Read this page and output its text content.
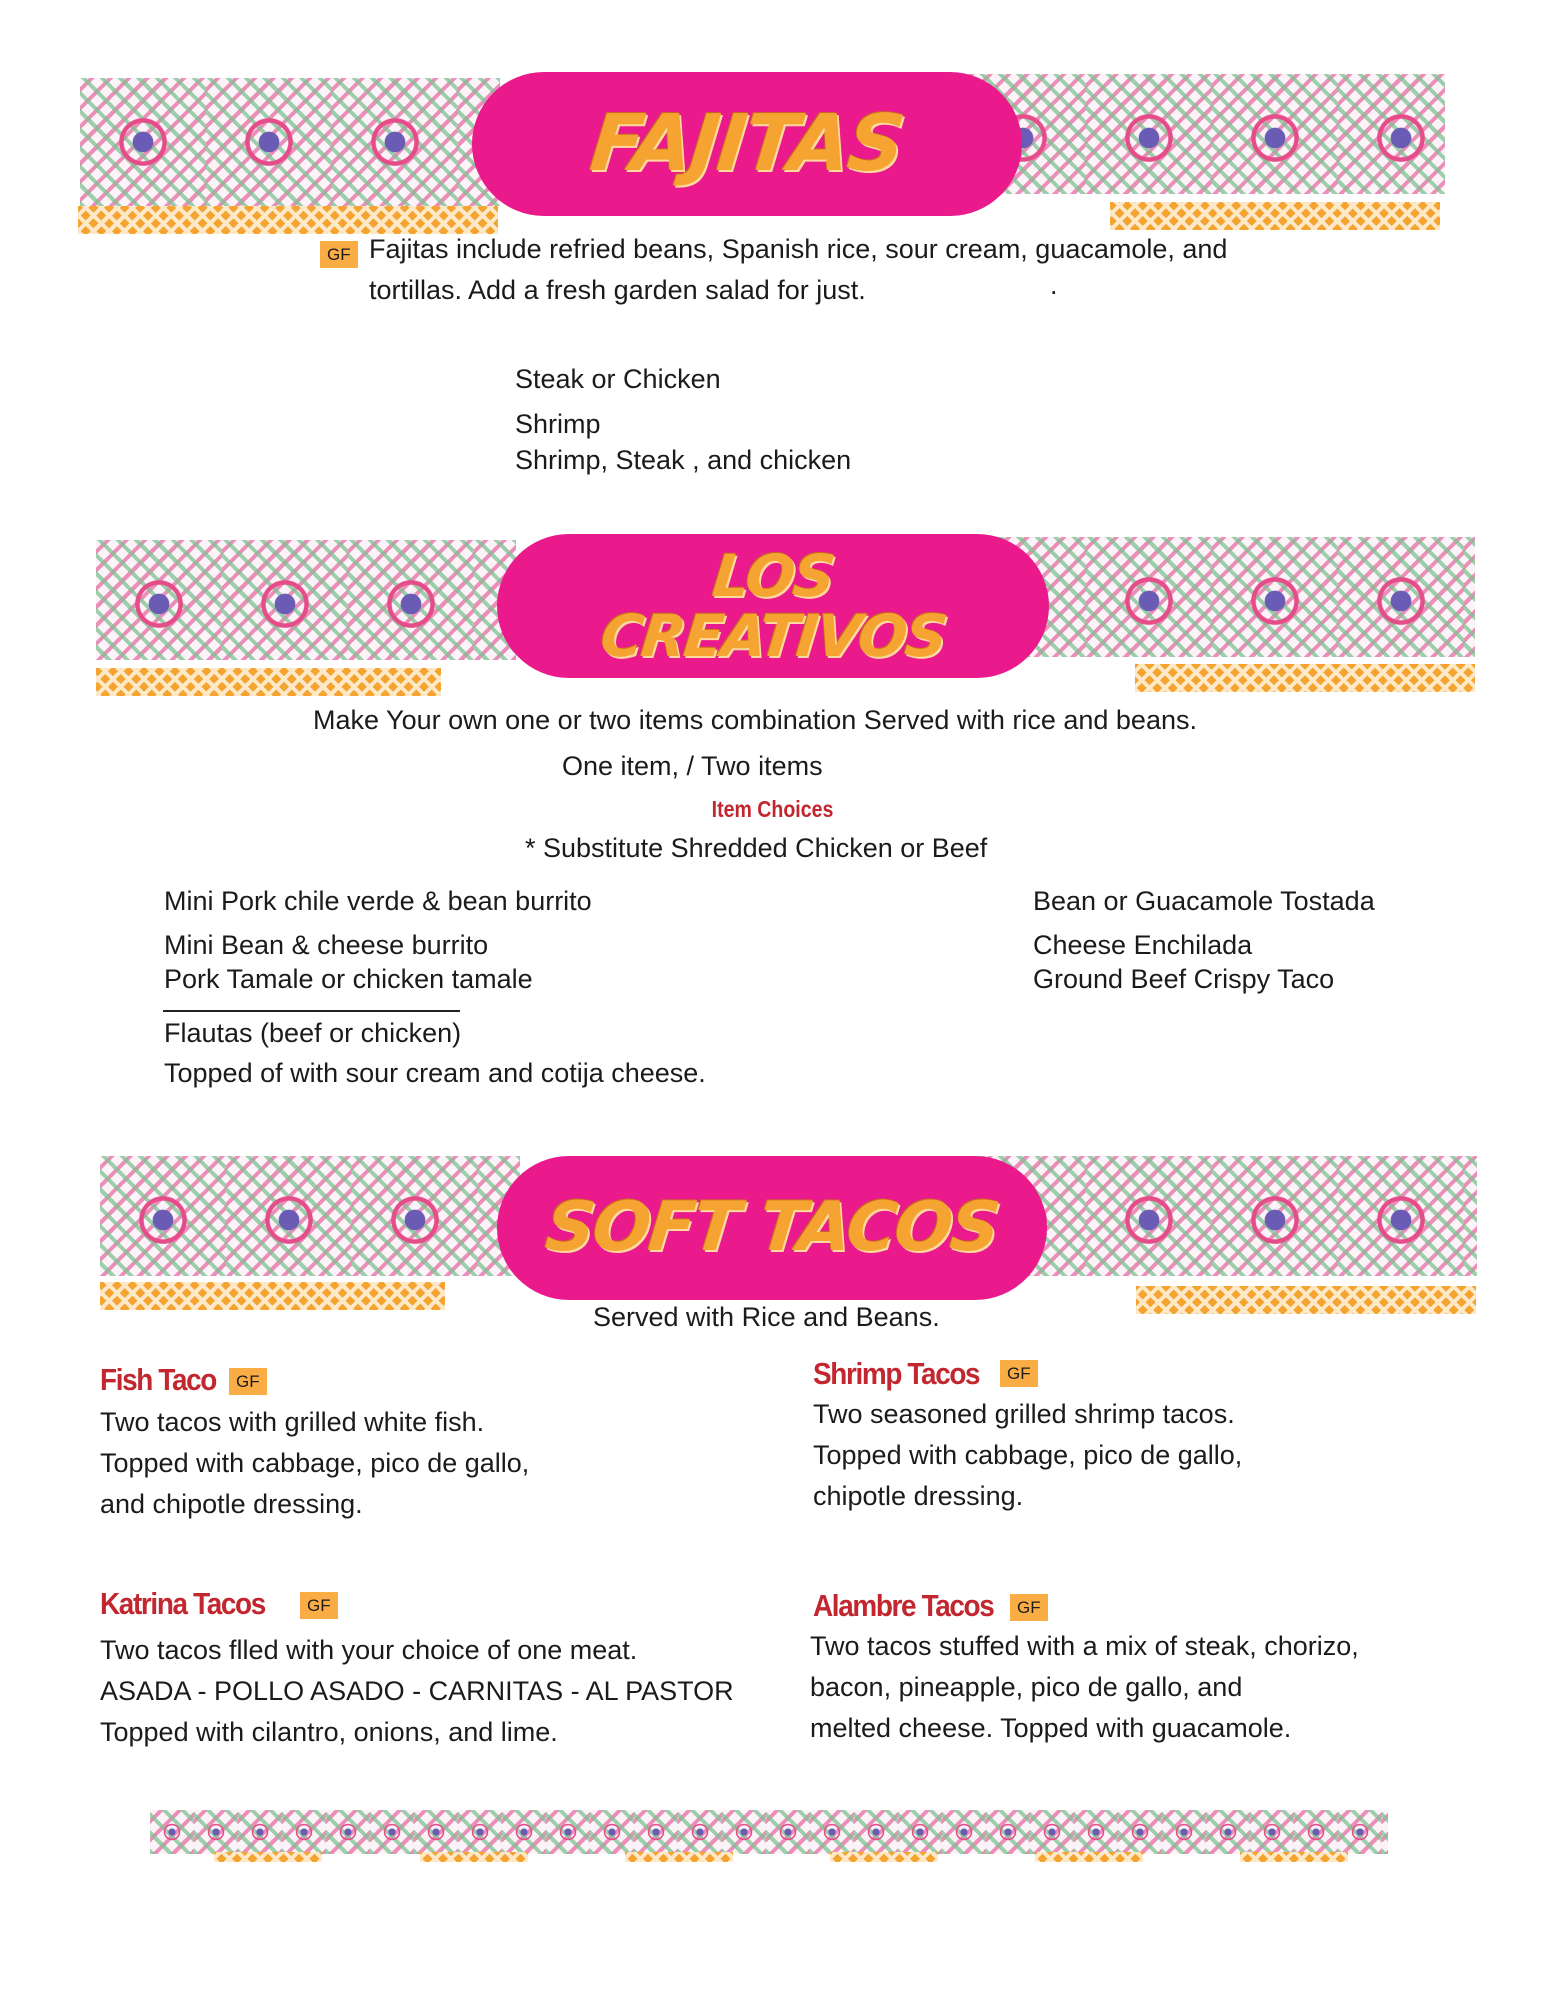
FAJITAS
GF Fajitas include refried beans, Spanish rice, sour cream, guacamole, and
tortillas. Add a fresh garden salad for just.	.
Steak or Chicken
Shrimp
Shrimp, Steak , and chicken
LOS
CREATIVOS
Make Your own one or two items combination Served with rice and beans.
One item, / Two items
Item Choices
* Substitute Shredded Chicken or Beef
Mini Pork chile verde & bean burrito
Mini Bean & cheese burrito
Pork Tamale or chicken tamale
Flautas (beef or chicken)
Topped of with sour cream and cotija cheese.
Bean or Guacamole Tostada
Cheese Enchilada
Ground Beef Crispy Taco
SOFT TACOS
Served with Rice and Beans.
Fish Taco	GF
Two tacos with grilled white fish.
Topped with cabbage, pico de gallo,
and chipotle dressing.
Shrimp Tacos	GF
Two seasoned grilled shrimp tacos.
Topped with cabbage, pico de gallo,
chipotle dressing.
Katrina Tacos	GF
Two tacos flled with your choice of one meat.
ASADA - POLLO ASADO - CARNITAS - AL PASTOR
Topped with cilantro, onions, and lime.
Alambre Tacos	GF
Two tacos stuffed with a mix of steak, chorizo,
bacon, pineapple, pico de gallo, and
melted cheese. Topped with guacamole.
